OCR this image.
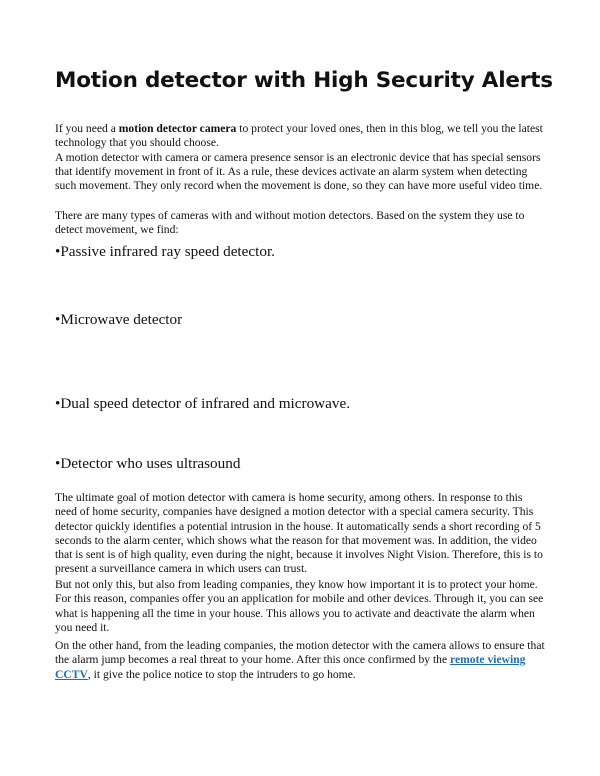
Motion detector with High Security Alerts

If you need a motion detector camera to protect your loved ones, then in this blog, we tell you the latest technology that you should choose.

A motion detector with camera or camera presence sensor is an electronic device that has special sensors that identify movement in front of it. As a rule, these devices activate an alarm system when detecting such movement. They only record when the movement is done, so they can have more useful video time.

There are many types of cameras with and without motion detectors. Based on the system they use to detect movement, we find:
•Passive infrared ray speed detector.
•Microwave detector
•Dual speed detector of infrared and microwave.
•Detector who uses ultrasound
The ultimate goal of motion detector with camera is home security, among others. In response to this need of home security, companies have designed a motion detector with a special camera security. This detector quickly identifies a potential intrusion in the house. It automatically sends a short recording of 5 seconds to the alarm center, which shows what the reason for that movement was. In addition, the video that is sent is of high quality, even during the night, because it involves Night Vision. Therefore, this is to present a surveillance camera in which users can trust.
But not only this, but also from leading companies, they know how important it is to protect your home. For this reason, companies offer you an application for mobile and other devices. Through it, you can see what is happening all the time in your house. This allows you to activate and deactivate the alarm when you need it.
On the other hand, from the leading companies, the motion detector with the camera allows to ensure that the alarm jump becomes a real threat to your home. After this once confirmed by the remote viewing CCTV, it give the police notice to stop the intruders to go home.
